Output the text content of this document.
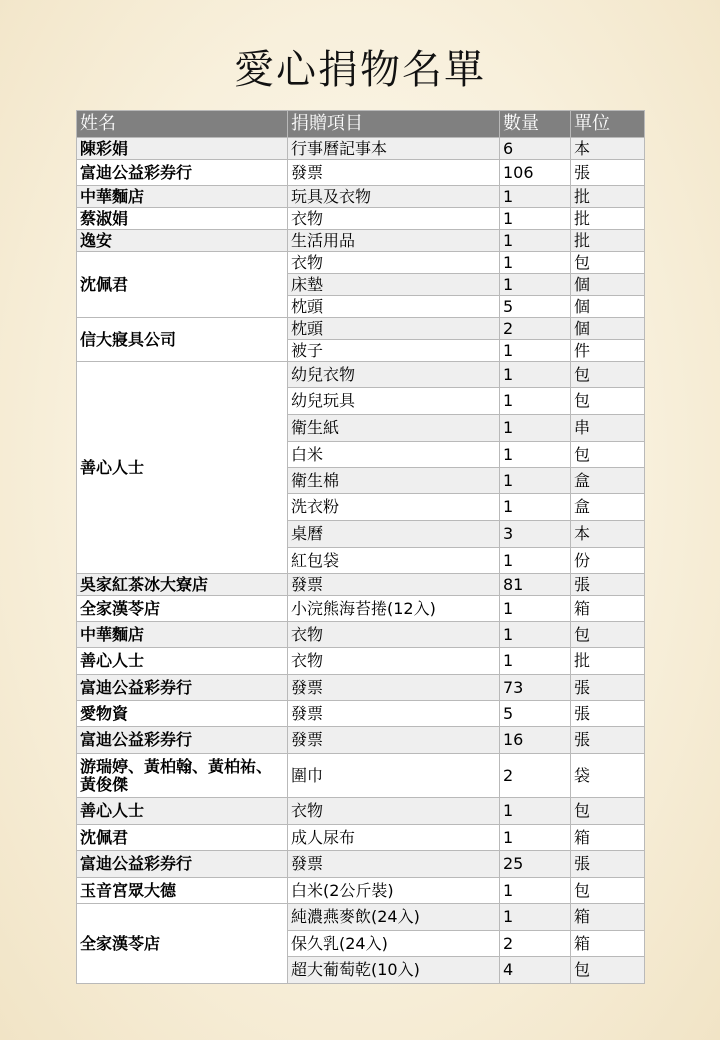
愛心捐物名單
姓名	捐贈項目	數量	單位
陳彩娟	行事曆記事本	6	本
富迪公益彩券行	發票	106	張
中華麵店	玩具及衣物	1	批
蔡淑娟	衣物	1	批
逸安	生活用品	1	批
沈佩君	衣物	1	包
	床墊	1	個
	枕頭	5	個
信大寢具公司	枕頭	2	個
	被子	1	件
善心人士	幼兒衣物	1	包
	幼兒玩具	1	包
	衛生紙	1	串
	白米	1	包
	衛生棉	1	盒
	洗衣粉	1	盒
	桌曆	3	本
	紅包袋	1	份
吳家紅茶冰大寮店	發票	81	張
全家漢苓店	小浣熊海苔捲(12入)	1	箱
中華麵店	衣物	1	包
善心人士	衣物	1	批
富迪公益彩券行	發票	73	張
愛物資	發票	5	張
富迪公益彩券行	發票	16	張
游瑞婷、黃柏翰、黃柏祐、黃俊傑	圍巾	2	袋
善心人士	衣物	1	包
沈佩君	成人尿布	1	箱
富迪公益彩券行	發票	25	張
玉音宮眾大德	白米(2公斤裝)	1	包
全家漢苓店	純濃燕麥飲(24入)	1	箱
	保久乳(24入)	2	箱
	超大葡萄乾(10入)	4	包
